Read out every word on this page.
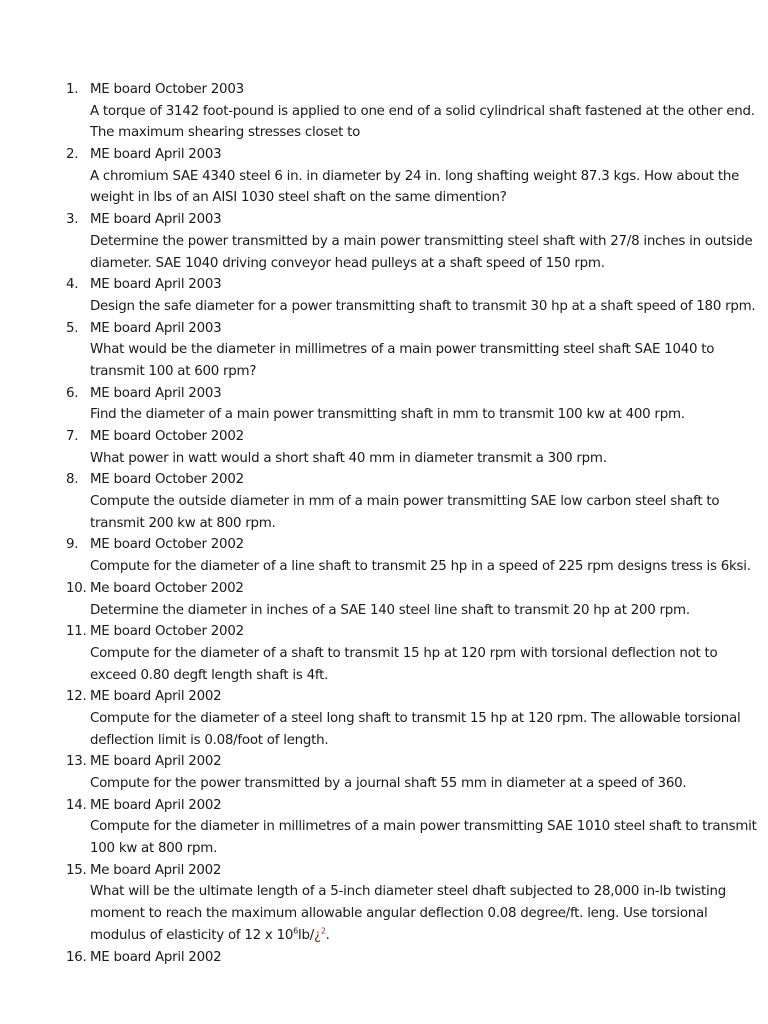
1. ME board October 2003
A torque of 3142 foot-pound is applied to one end of a solid cylindrical shaft fastened at the other end.
The maximum shearing stresses closet to
2. ME board April 2003
A chromium SAE 4340 steel 6 in. in diameter by 24 in. long shafting weight 87.3 kgs. How about the
weight in lbs of an AISI 1030 steel shaft on the same dimention?
3. ME board April 2003
Determine the power transmitted by a main power transmitting steel shaft with 27/8 inches in outside
diameter. SAE 1040 driving conveyor head pulleys at a shaft speed of 150 rpm.
4. ME board April 2003
Design the safe diameter for a power transmitting shaft to transmit 30 hp at a shaft speed of 180 rpm.
5. ME board April 2003
What would be the diameter in millimetres of a main power transmitting steel shaft SAE 1040 to
transmit 100 at 600 rpm?
6. ME board April 2003
Find the diameter of a main power transmitting shaft in mm to transmit 100 kw at 400 rpm.
7. ME board October 2002
What power in watt would a short shaft 40 mm in diameter transmit a 300 rpm.
8. ME board October 2002
Compute the outside diameter in mm of a main power transmitting SAE low carbon steel shaft to
transmit 200 kw at 800 rpm.
9. ME board October 2002
Compute for the diameter of a line shaft to transmit 25 hp in a speed of 225 rpm designs tress is 6ksi.
10. Me board October 2002
Determine the diameter in inches of a SAE 140 steel line shaft to transmit 20 hp at 200 rpm.
11. ME board October 2002
Compute for the diameter of a shaft to transmit 15 hp at 120 rpm with torsional deflection not to
exceed 0.80 degft length shaft is 4ft.
12. ME board April 2002
Compute for the diameter of a steel long shaft to transmit 15 hp at 120 rpm. The allowable torsional
deflection limit is 0.08/foot of length.
13. ME board April 2002
Compute for the power transmitted by a journal shaft 55 mm in diameter at a speed of 360.
14. ME board April 2002
Compute for the diameter in millimetres of a main power transmitting SAE 1010 steel shaft to transmit
100 kw at 800 rpm.
15. Me board April 2002
What will be the ultimate length of a 5-inch diameter steel dhaft subjected to 28,000 in-lb twisting
moment to reach the maximum allowable angular deflection 0.08 degree/ft. leng. Use torsional
modulus of elasticity of 12 x $10^6lb/¿^2$.
16. ME board April 2002
